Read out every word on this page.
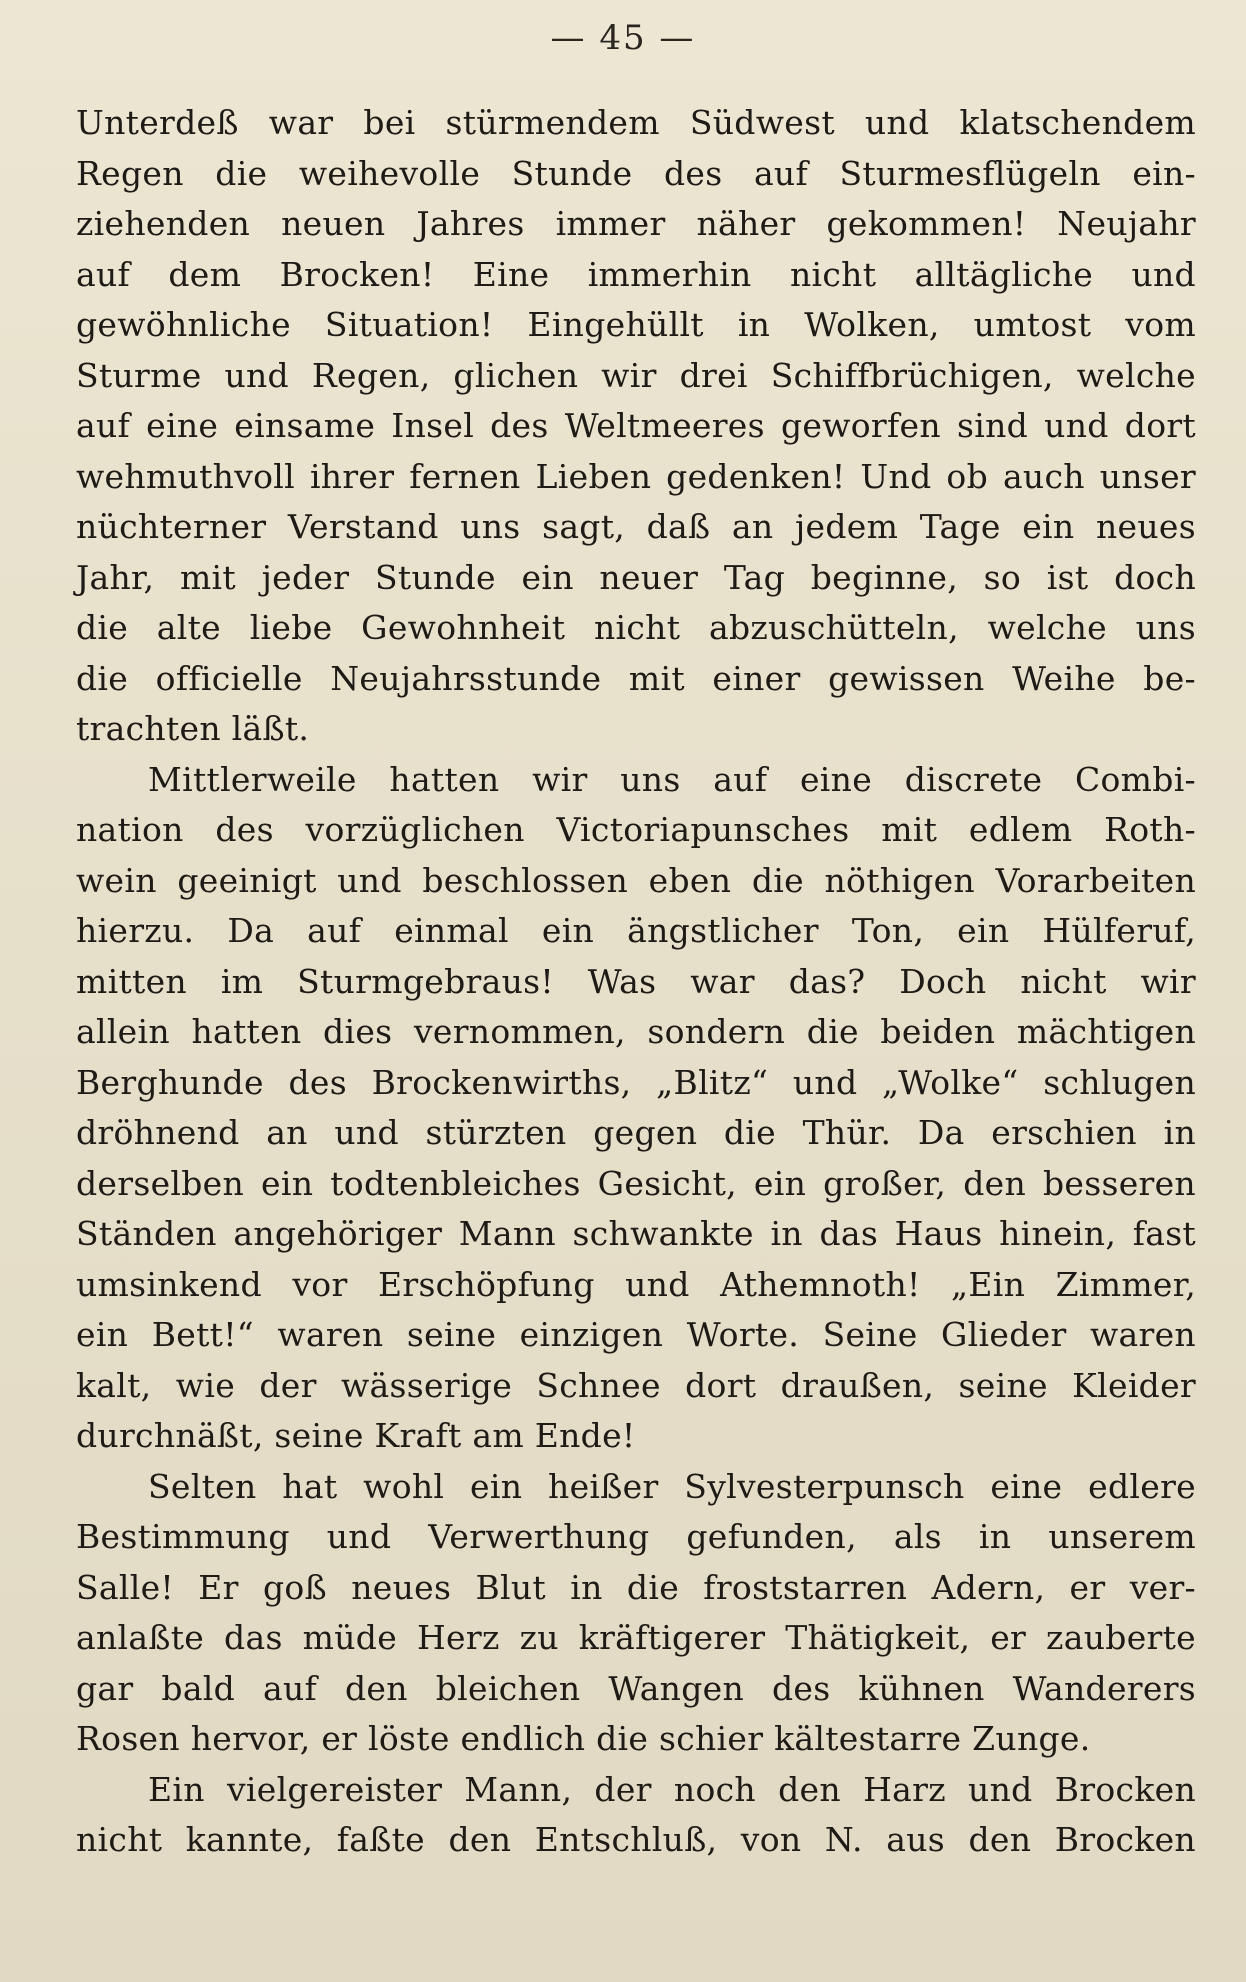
— 45 —
Unterdeß war bei stürmendem Südwest und klatschendem
Regen die weihevolle Stunde des auf Sturmesflügeln ein-
ziehenden neuen Jahres immer näher gekommen! Neujahr
auf dem Brocken! Eine immerhin nicht alltägliche und
gewöhnliche Situation! Eingehüllt in Wolken, umtost vom
Sturme und Regen, glichen wir drei Schiffbrüchigen, welche
auf eine einsame Insel des Weltmeeres geworfen sind und dort
wehmuthvoll ihrer fernen Lieben gedenken! Und ob auch unser
nüchterner Verstand uns sagt, daß an jedem Tage ein neues
Jahr, mit jeder Stunde ein neuer Tag beginne, so ist doch
die alte liebe Gewohnheit nicht abzuschütteln, welche uns
die officielle Neujahrsstunde mit einer gewissen Weihe be-
trachten läßt.
Mittlerweile hatten wir uns auf eine discrete Combi-
nation des vorzüglichen Victoriapunsches mit edlem Roth-
wein geeinigt und beschlossen eben die nöthigen Vorarbeiten
hierzu. Da auf einmal ein ängstlicher Ton, ein Hülferuf,
mitten im Sturmgebraus! Was war das? Doch nicht wir
allein hatten dies vernommen, sondern die beiden mächtigen
Berghunde des Brockenwirths, „Blitz“ und „Wolke“ schlugen
dröhnend an und stürzten gegen die Thür. Da erschien in
derselben ein todtenbleiches Gesicht, ein großer, den besseren
Ständen angehöriger Mann schwankte in das Haus hinein, fast
umsinkend vor Erschöpfung und Athemnoth! „Ein Zimmer,
ein Bett!“ waren seine einzigen Worte. Seine Glieder waren
kalt, wie der wässerige Schnee dort draußen, seine Kleider
durchnäßt, seine Kraft am Ende!
Selten hat wohl ein heißer Sylvesterpunsch eine edlere
Bestimmung und Verwerthung gefunden, als in unserem
Salle! Er goß neues Blut in die froststarren Adern, er ver-
anlaßte das müde Herz zu kräftigerer Thätigkeit, er zauberte
gar bald auf den bleichen Wangen des kühnen Wanderers
Rosen hervor, er löste endlich die schier kältestarre Zunge.
Ein vielgereister Mann, der noch den Harz und Brocken
nicht kannte, faßte den Entschluß, von N. aus den Brocken
